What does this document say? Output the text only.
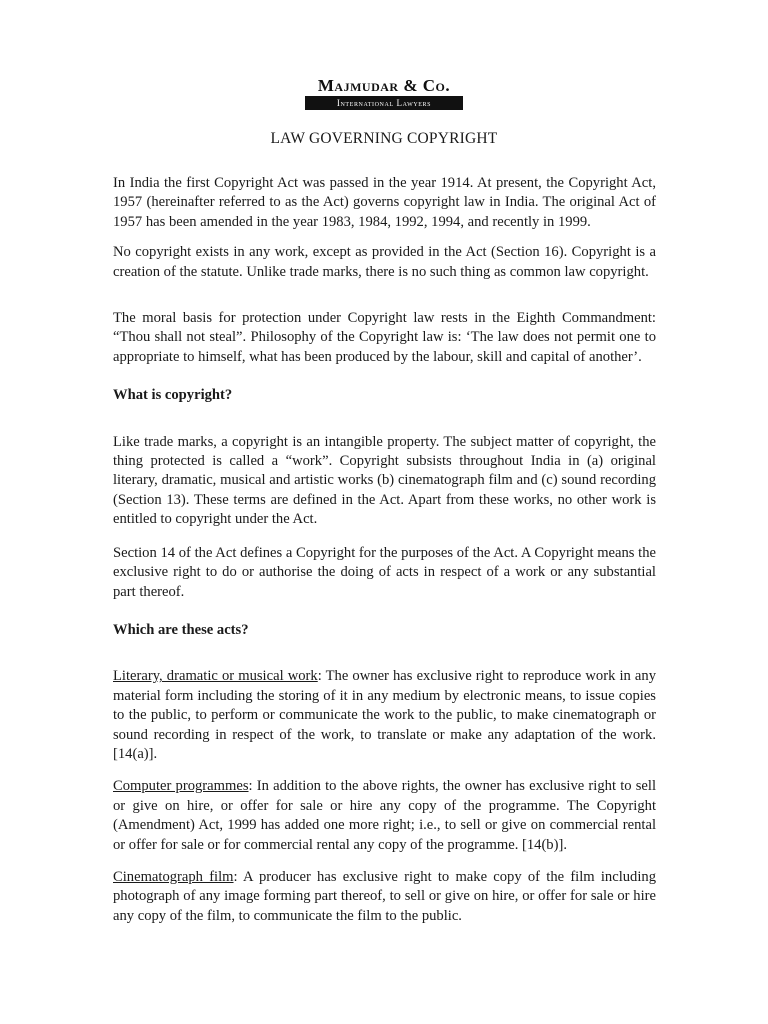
Majmudar & Co.
International Lawyers
LAW GOVERNING COPYRIGHT

In India the first Copyright Act was passed in the year 1914. At present, the Copyright Act, 1957 (hereinafter referred to as the Act) governs copyright law in India. The original Act of 1957 has been amended in the year 1983, 1984, 1992, 1994, and recently in 1999.

No copyright exists in any work, except as provided in the Act (Section 16). Copyright is a creation of the statute. Unlike trade marks, there is no such thing as common law copyright.

The moral basis for protection under Copyright law rests in the Eighth Commandment: “Thou shall not steal”. Philosophy of the Copyright law is: ‘The law does not permit one to appropriate to himself, what has been produced by the labour, skill and capital of another’.

What is copyright?

Like trade marks, a copyright is an intangible property. The subject matter of copyright, the thing protected is called a “work”. Copyright subsists throughout India in (a) original literary, dramatic, musical and artistic works (b) cinematograph film and (c) sound recording (Section 13). These terms are defined in the Act. Apart from these works, no other work is entitled to copyright under the Act.

Section 14 of the Act defines a Copyright for the purposes of the Act. A Copyright means the exclusive right to do or authorise the doing of acts in respect of a work or any substantial part thereof.

Which are these acts?

Literary, dramatic or musical work: The owner has exclusive right to reproduce work in any material form including the storing of it in any medium by electronic means, to issue copies to the public, to perform or communicate the work to the public, to make cinematograph or sound recording in respect of the work, to translate or make any adaptation of the work. [14(a)].

Computer programmes: In addition to the above rights, the owner has exclusive right to sell or give on hire, or offer for sale or hire any copy of the programme. The Copyright (Amendment) Act, 1999 has added one more right; i.e., to sell or give on commercial rental or offer for sale or for commercial rental any copy of the programme. [14(b)].

Cinematograph film: A producer has exclusive right to make copy of the film including photograph of any image forming part thereof, to sell or give on hire, or offer for sale or hire any copy of the film, to communicate the film to the public.
